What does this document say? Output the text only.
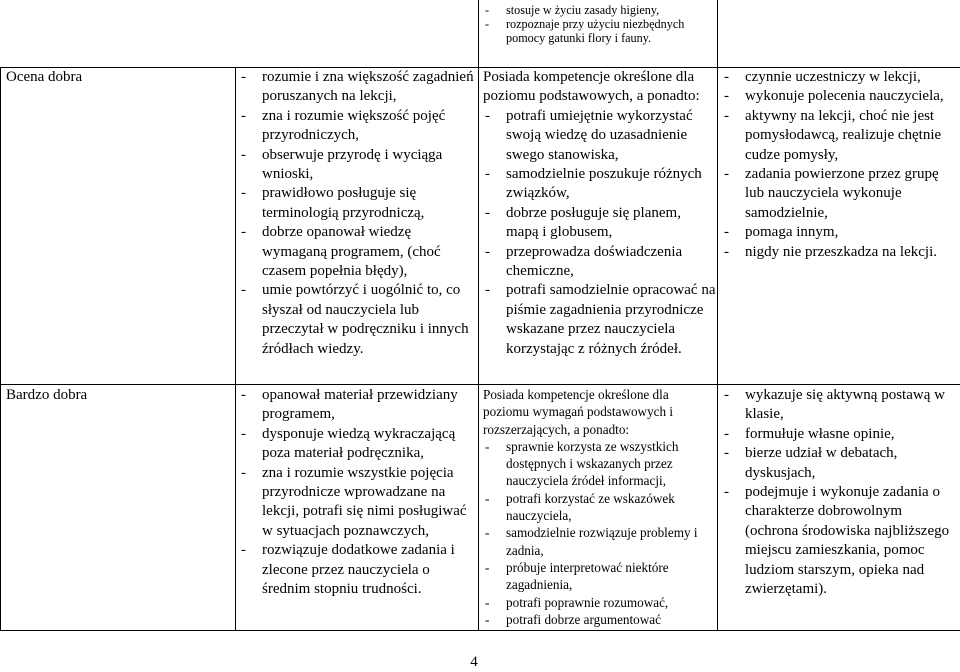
- stosuje w życiu zasady higieny,
- rozpoznaje przy użyciu niezbędnych pomocy gatunki flory i fauny.
Ocena dobra	- rozumie i zna większość zagadnień poruszanych na lekcji,
- zna i rozumie większość pojęć przyrodniczych,
- obserwuje przyrodę i wyciąga wnioski,
- prawidłowo posługuje się terminologią przyrodniczą,
- dobrze opanował wiedzę wymaganą programem, (choć czasem popełnia błędy),
- umie powtórzyć i uogólnić to, co słyszał od nauczyciela lub przeczytał w podręczniku i innych źródłach wiedzy.

Posiada kompetencje określone dla poziomu podstawowych, a ponadto:

- potrafi umiejętnie wykorzystać swoją wiedzę do uzasadnienie swego stanowiska,
- samodzielnie poszukuje różnych związków,
- dobrze posługuje się planem, mapą i globusem,
- przeprowadza doświadczenia chemiczne,
- potrafi samodzielnie opracować na piśmie zagadnienia przyrodnicze wskazane przez nauczyciela korzystając z różnych źródeł.
- czynnie uczestniczy w lekcji,
- wykonuje polecenia nauczyciela,
- aktywny na lekcji, choć nie jest pomysłodawcą, realizuje chętnie cudze pomysły,
- zadania powierzone przez grupę lub nauczyciela wykonuje samodzielnie,
- pomaga innym,
- nigdy nie przeszkadza na lekcji.
Bardzo dobra	- opanował materiał przewidziany programem,
- dysponuje wiedzą wykraczającą poza materiał podręcznika,
- zna i rozumie wszystkie pojęcia przyrodnicze wprowadzane na lekcji, potrafi się nimi posługiwać w sytuacjach poznawczych,
- rozwiązuje dodatkowe zadania i zlecone przez nauczyciela o średnim stopniu trudności.

Posiada kompetencje określone dla poziomu wymagań podstawowych i rozszerzających, a ponadto:

- sprawnie korzysta ze wszystkich dostępnych i wskazanych przez nauczyciela źródeł informacji,
- potrafi korzystać ze wskazówek nauczyciela,
- samodzielnie rozwiązuje problemy i zadnia,
- próbuje interpretować niektóre zagadnienia,
- potrafi poprawnie rozumować,
- potrafi dobrze argumentować
- wykazuje się aktywną postawą w klasie,
- formułuje własne opinie,
- bierze udział w debatach, dyskusjach,
- podejmuje i wykonuje zadania o charakterze dobrowolnym (ochrona środowiska najbliższego miejscu zamieszkania, pomoc ludziom starszym, opieka nad zwierzętami).
4
